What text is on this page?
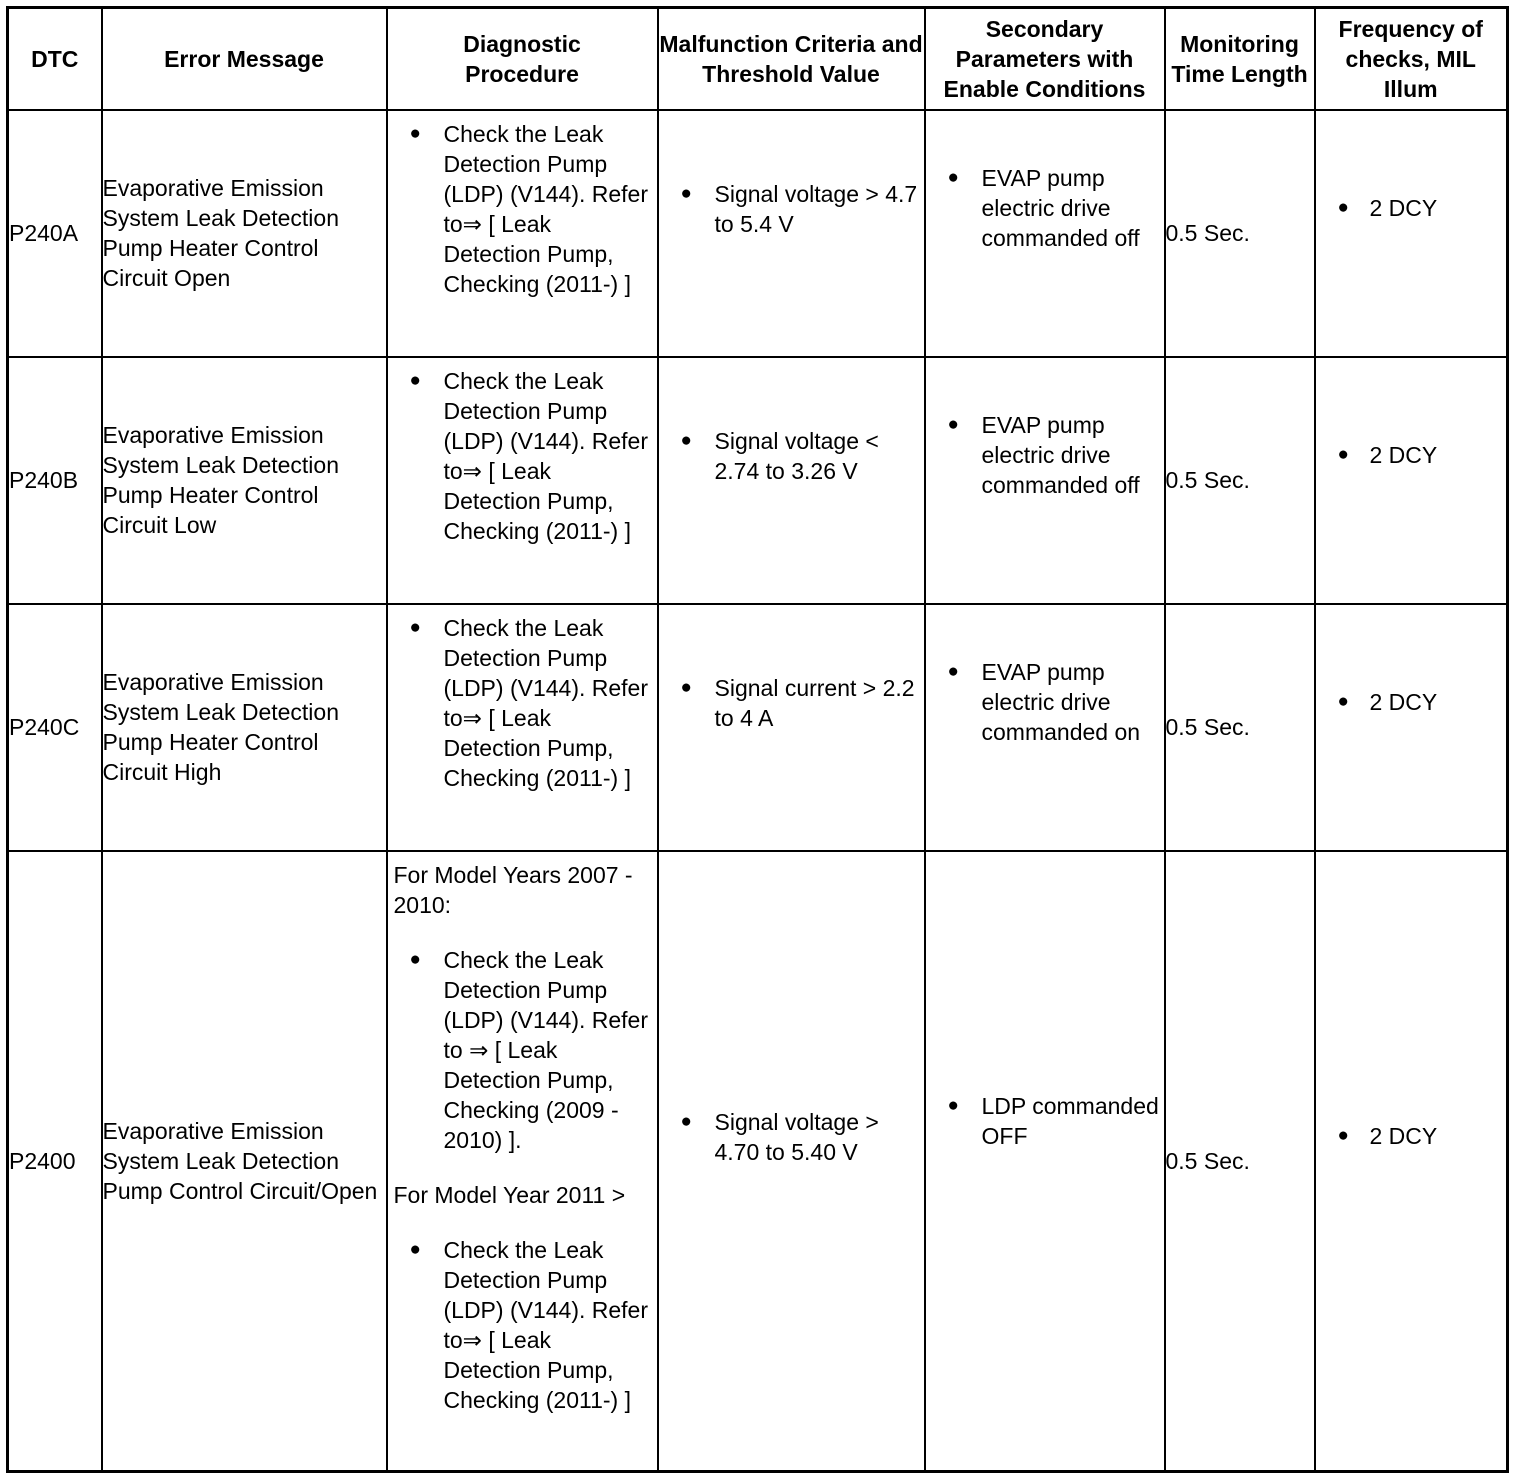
DTC	Error Message	Diagnostic Procedure	Malfunction Criteria and Threshold Value	Secondary Parameters with Enable Conditions	Monitoring Time Length	Frequency of checks, MIL Illum
P240A	Evaporative Emission System Leak Detection Pump Heater Control Circuit Open	● Check the Leak Detection Pump (LDP) (V144). Refer to⇒ [ Leak Detection Pump, Checking (2011-) ]	● Signal voltage > 4.7 to 5.4 V	● EVAP pump electric drive commanded off	0.5 Sec.	● 2 DCY

P240B	Evaporative Emission System Leak Detection Pump Heater Control Circuit Low	● Check the Leak Detection Pump (LDP) (V144). Refer to⇒ [ Leak Detection Pump, Checking (2011-) ]	● Signal voltage < 2.74 to 3.26 V	● EVAP pump electric drive commanded off	0.5 Sec.	● 2 DCY

P240C	Evaporative Emission System Leak Detection Pump Heater Control Circuit High	● Check the Leak Detection Pump (LDP) (V144). Refer to⇒ [ Leak Detection Pump, Checking (2011-) ]	● Signal current > 2.2 to 4 A	● EVAP pump electric drive commanded on	0.5 Sec.	● 2 DCY

P2400	Evaporative Emission System Leak Detection Pump Control Circuit/Open	For Model Years 2007 - 2010:
● Check the Leak Detection Pump (LDP) (V144). Refer to ⇒ [ Leak Detection Pump, Checking (2009 - 2010) ].
For Model Year 2011 >
● Check the Leak Detection Pump (LDP) (V144). Refer to⇒ [ Leak Detection Pump, Checking (2011-) ]	● Signal voltage > 4.70 to 5.40 V	● LDP commanded OFF	0.5 Sec.	● 2 DCY
